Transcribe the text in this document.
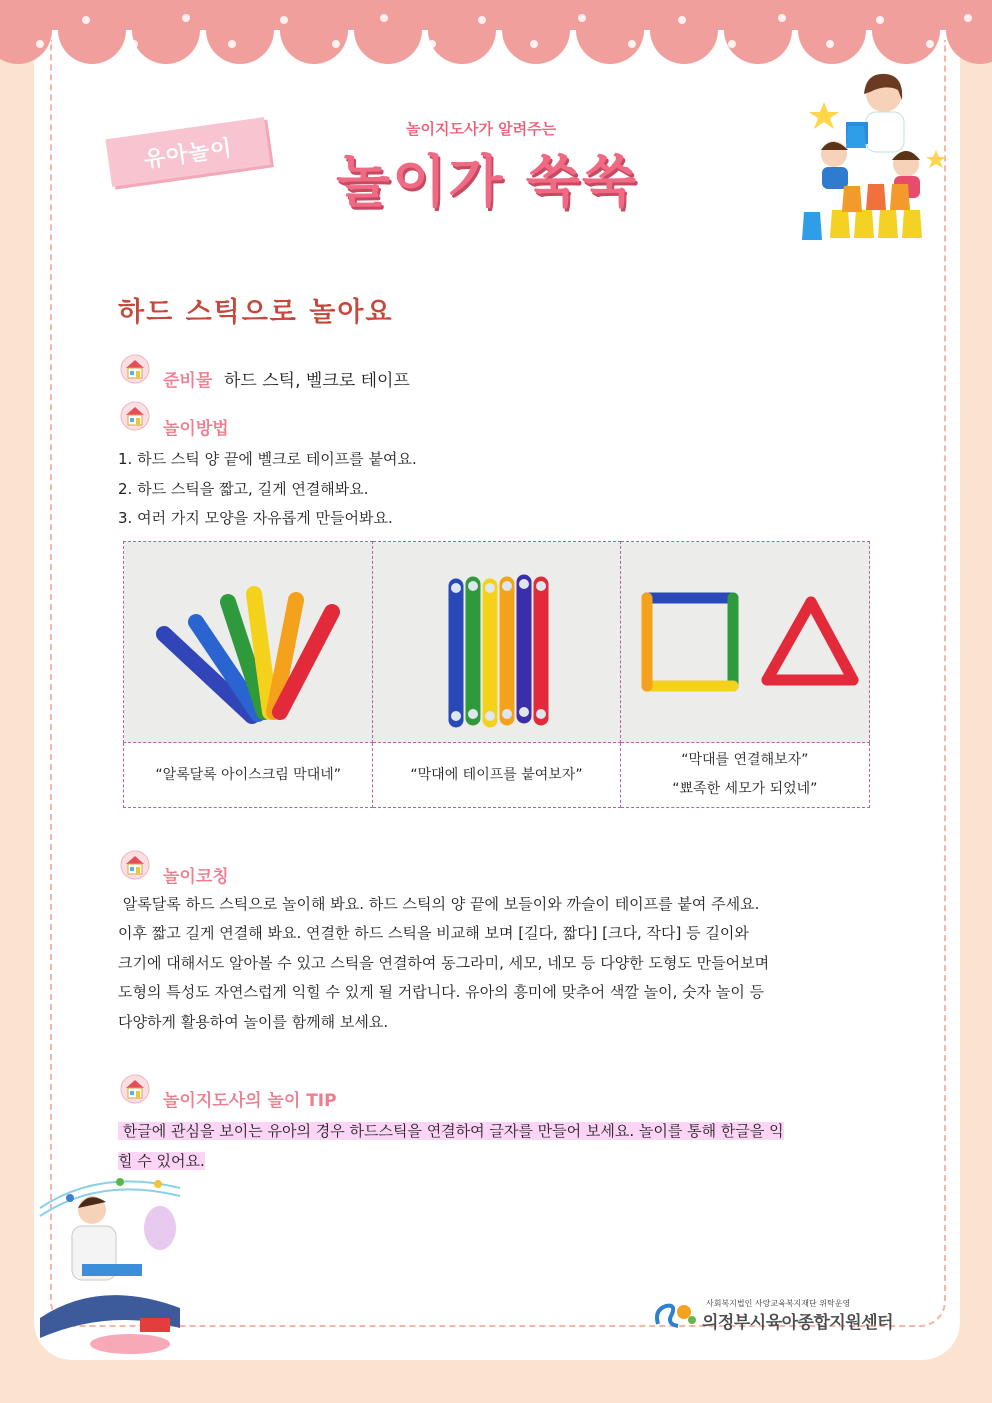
유아놀이
놀이지도사가 알려주는
놀이가 쑥쑥
하드 스틱으로 놀아요
준비물 하드 스틱, 벨크로 테이프
놀이방법
1. 하드 스틱 양 끝에 벨크로 테이프를 붙여요.
2. 하드 스틱을 짧고, 길게 연결해봐요.
3. 여러 가지 모양을 자유롭게 만들어봐요.

“알록달록 아이스크림 막대네”	“막대에 테이프를 붙여보자”	“막대를 연결해보자”
“뾰족한 세모가 되었네”
놀이코칭
알록달록 하드 스틱으로 놀이해 봐요. 하드 스틱의 양 끝에 보들이와 까슬이 테이프를 붙여 주세요.
이후 짧고 길게 연결해 봐요. 연결한 하드 스틱을 비교해 보며 [길다, 짧다] [크다, 작다] 등 길이와
크기에 대해서도 알아볼 수 있고 스틱을 연결하여 동그라미, 세모, 네모 등 다양한 도형도 만들어보며
도형의 특성도 자연스럽게 익힐 수 있게 될 거랍니다. 유아의 흥미에 맞추어 색깔 놀이, 숫자 놀이 등
다양하게 활용하여 놀이를 함께해 보세요.
놀이지도사의 놀이 TIP
한글에 관심을 보이는 유아의 경우 하드스틱을 연결하여 글자를 만들어 보세요. 놀이를 통해 한글을 익
힐 수 있어요.
사회복지법인 사랑교육복지재단 위탁운영
의정부시육아종합지원센터
